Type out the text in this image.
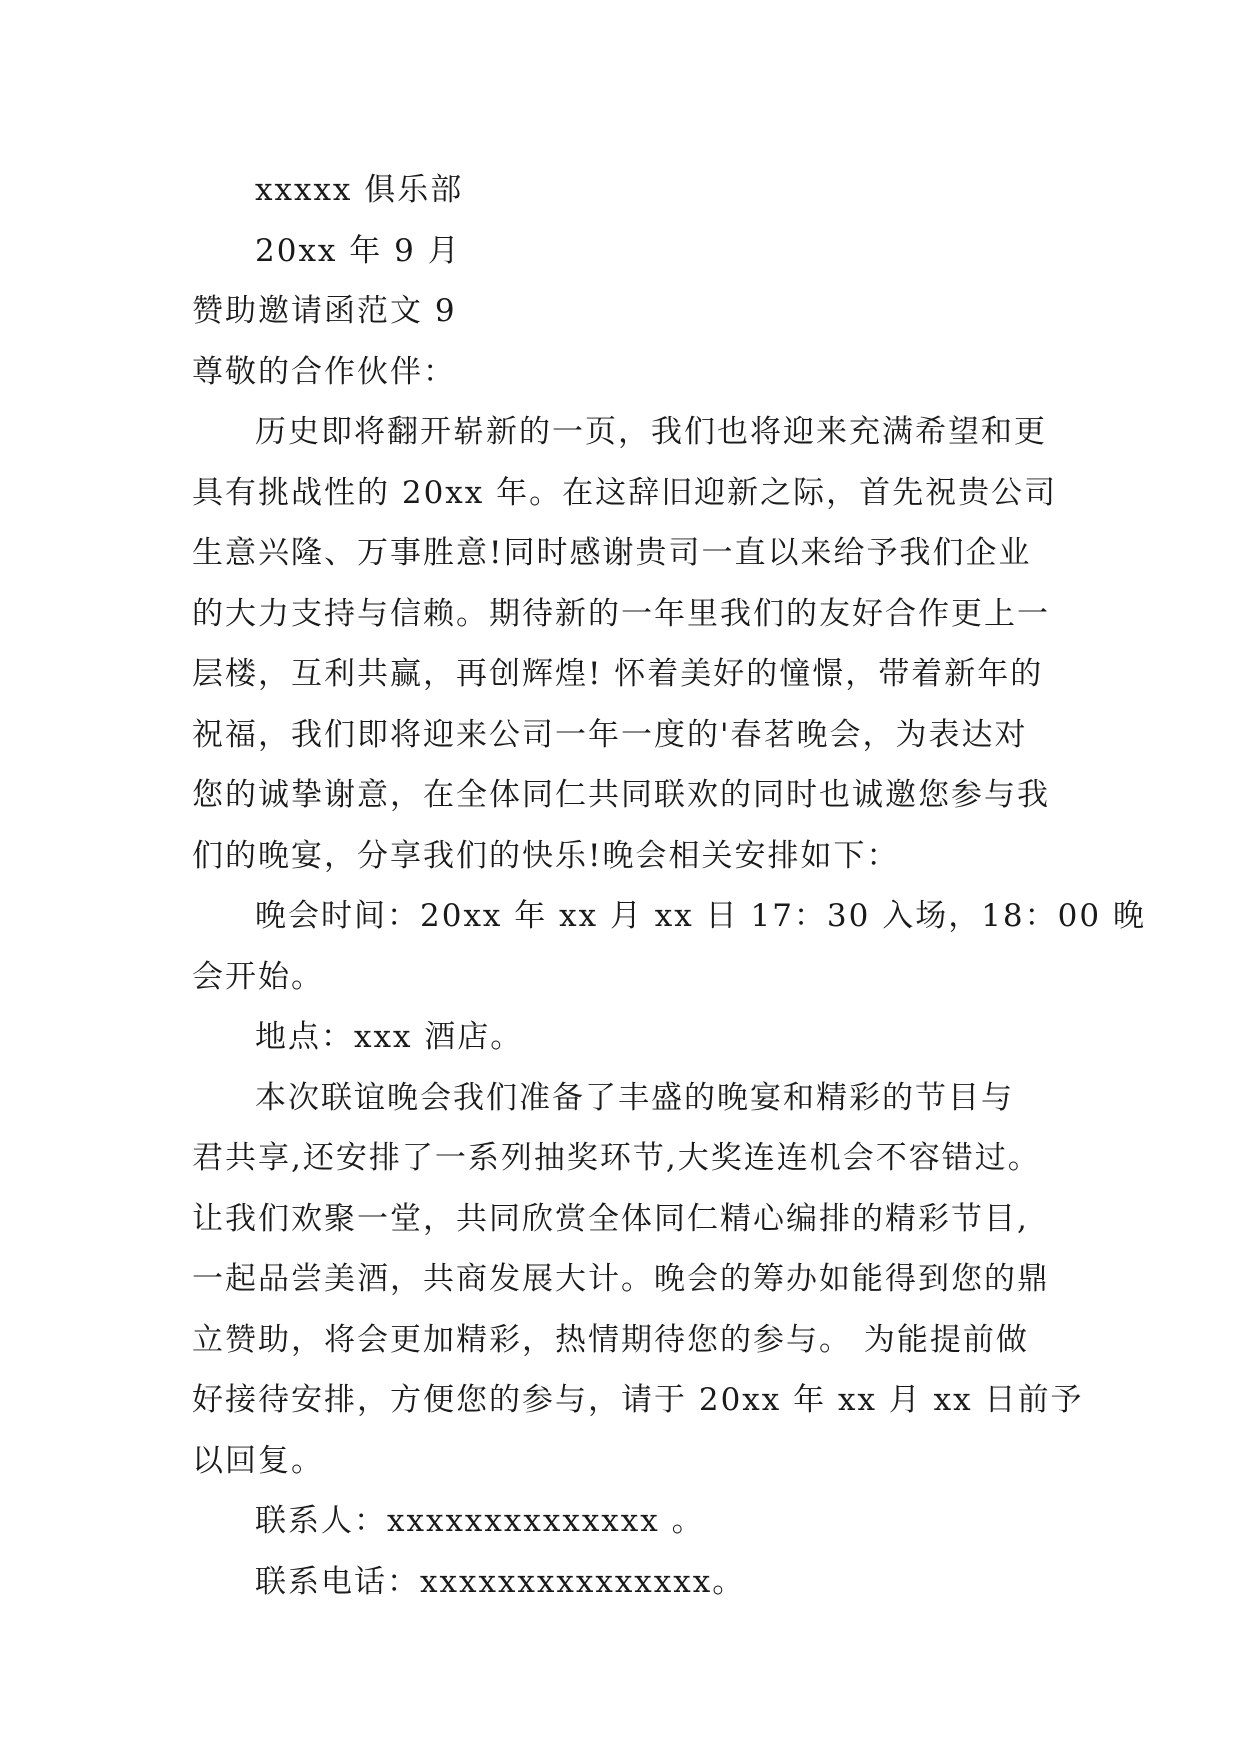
xxxxx 俱乐部

20xx 年 9 月

赞助邀请函范文 9

尊敬的合作伙伴：

历史即将翻开崭新的一页，我们也将迎来充满希望和更

具有挑战性的 20xx 年。在这辞旧迎新之际，首先祝贵公司

生意兴隆、万事胜意!同时感谢贵司一直以来给予我们企业

的大力支持与信赖。期待新的一年里我们的友好合作更上一

层楼，互利共赢，再创辉煌! 怀着美好的憧憬，带着新年的

祝福，我们即将迎来公司一年一度的'春茗晚会，为表达对

您的诚挚谢意，在全体同仁共同联欢的同时也诚邀您参与我

们的晚宴，分享我们的快乐!晚会相关安排如下：

晚会时间：20xx 年 xx 月 xx 日 17：30 入场，18：00 晚

会开始。

地点：xxx 酒店。

本次联谊晚会我们准备了丰盛的晚宴和精彩的节目与

君共享,还安排了一系列抽奖环节,大奖连连机会不容错过。

让我们欢聚一堂，共同欣赏全体同仁精心编排的精彩节目,

一起品尝美酒，共商发展大计。晚会的筹办如能得到您的鼎

立赞助，将会更加精彩，热情期待您的参与。 为能提前做

好接待安排，方便您的参与，请于 20xx 年 xx 月 xx 日前予

以回复。

联系人：xxxxxxxxxxxxxx 。

联系电话：xxxxxxxxxxxxxxx。
